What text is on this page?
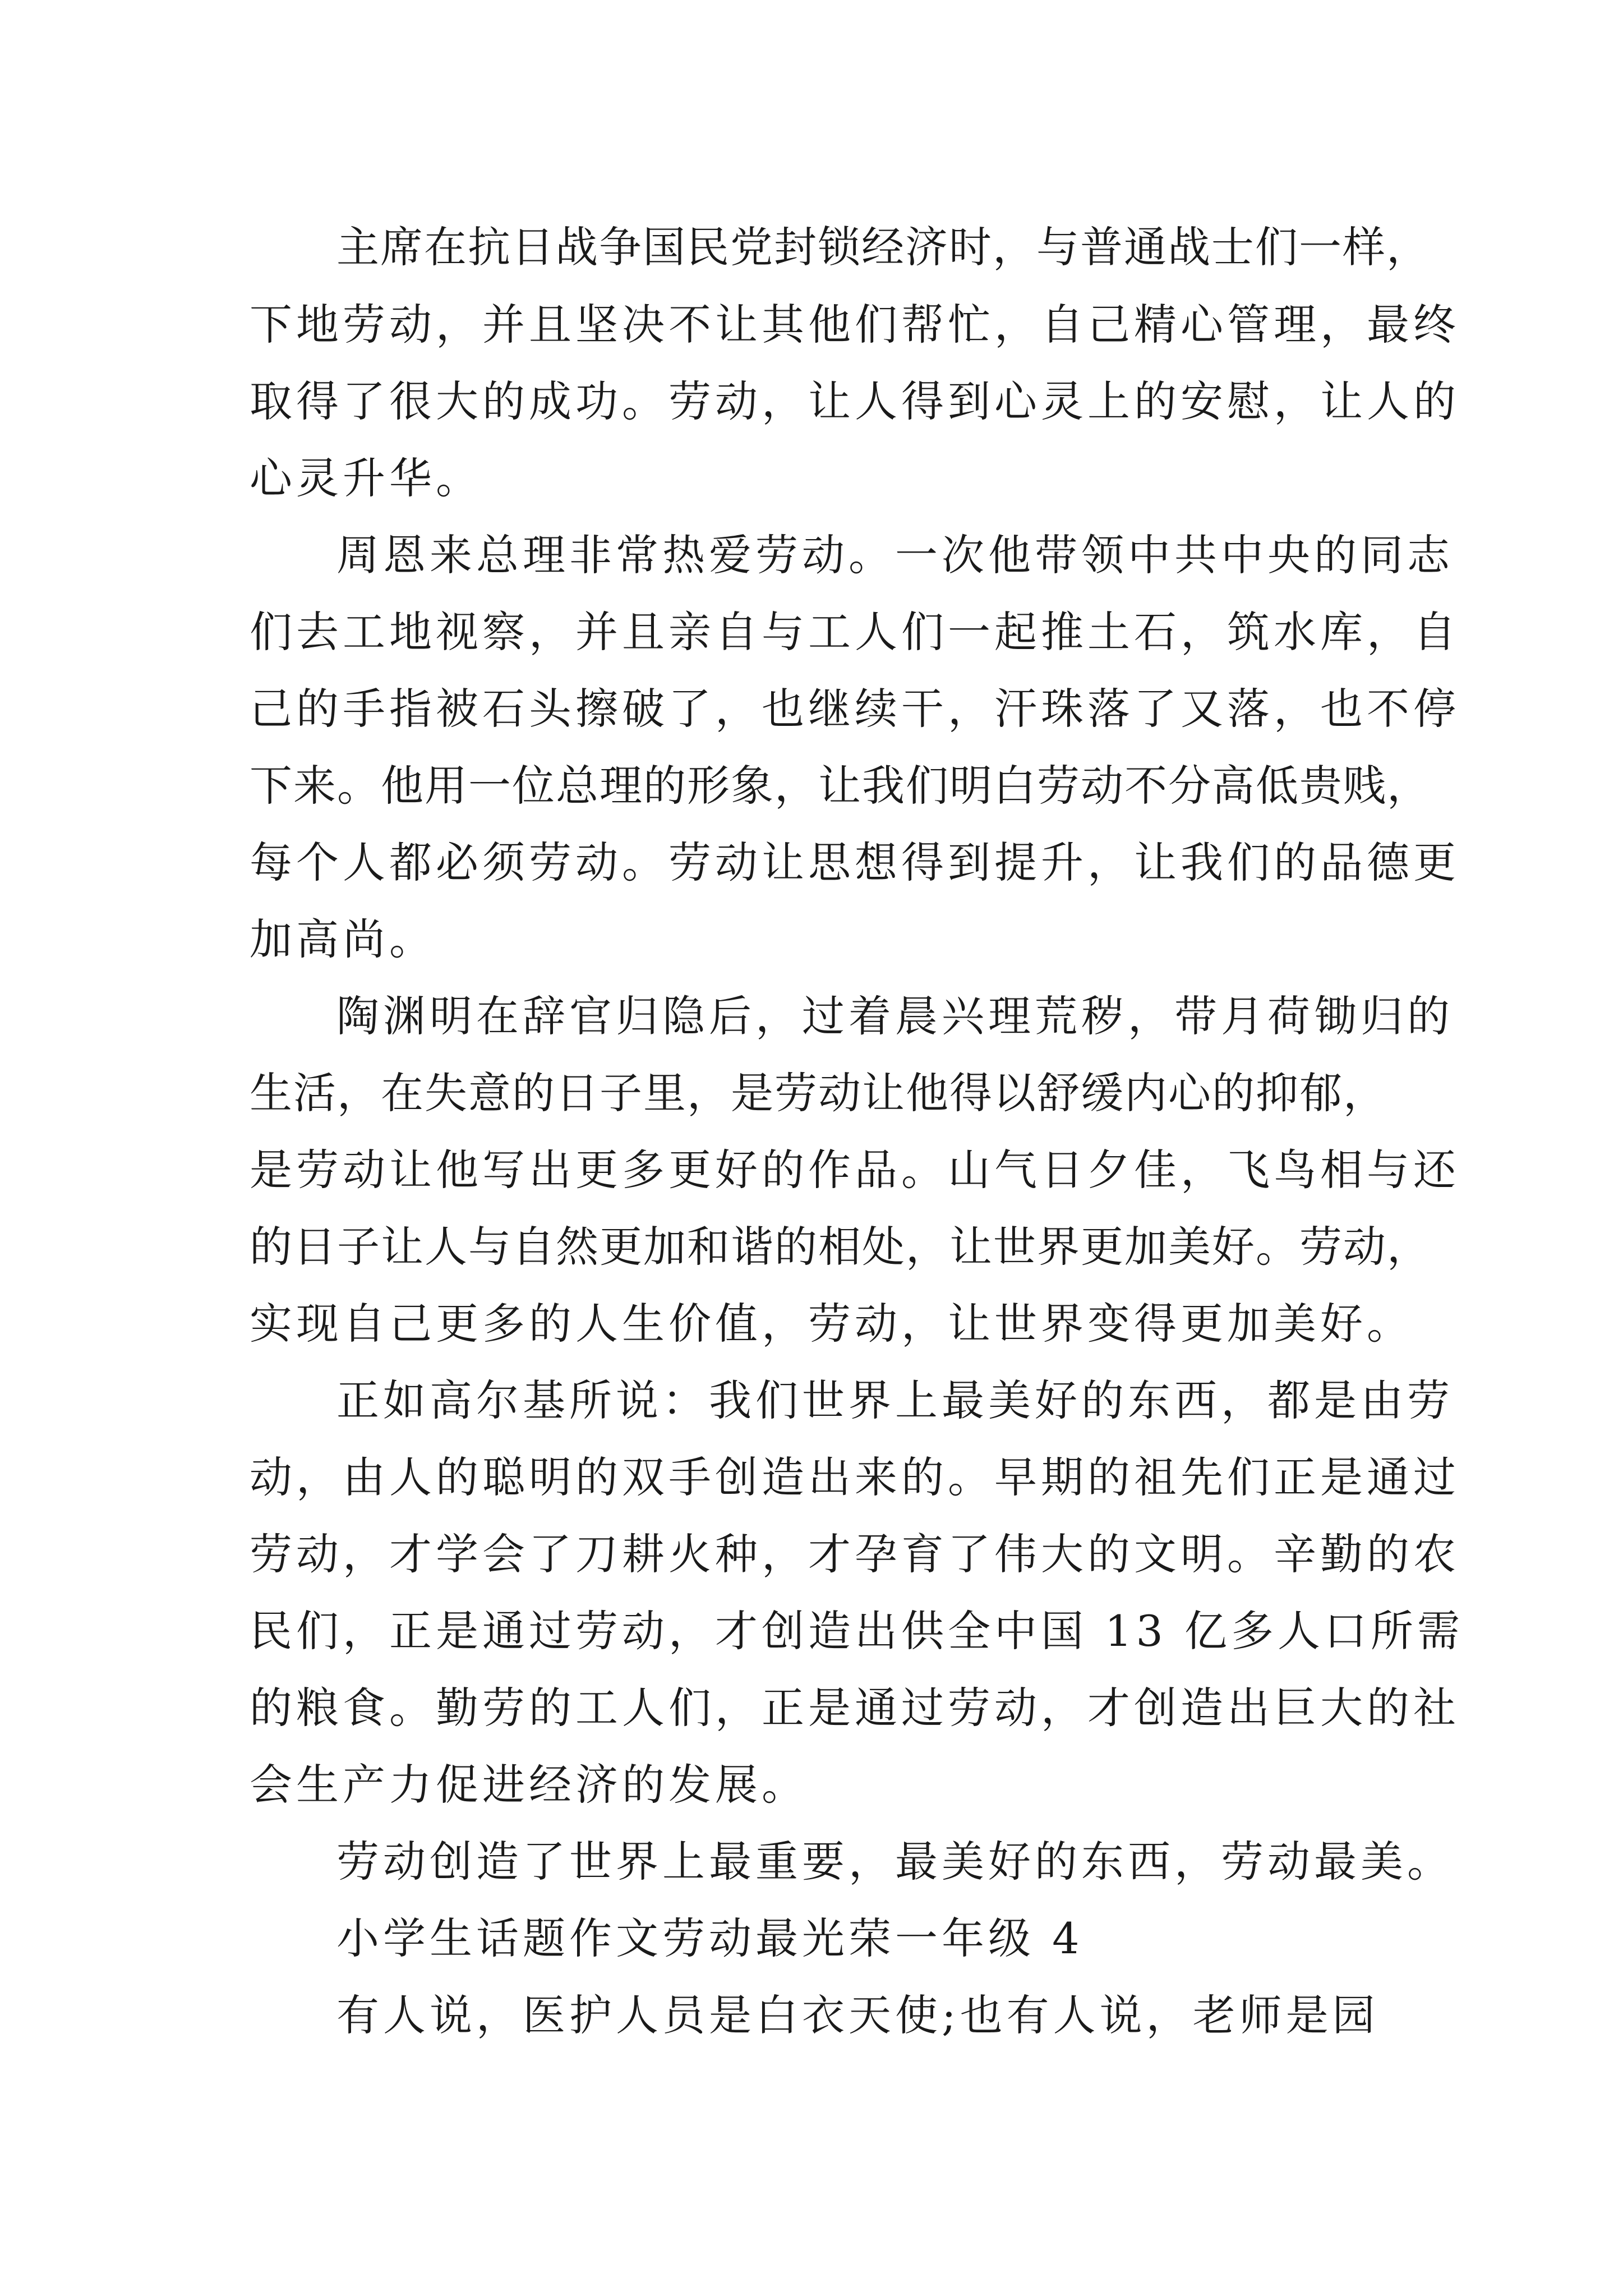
主席在抗日战争国民党封锁经济时，与普通战士们一样，
下地劳动，并且坚决不让其他们帮忙，自己精心管理，最终
取得了很大的成功。劳动，让人得到心灵上的安慰，让人的
心灵升华。
周恩来总理非常热爱劳动。一次他带领中共中央的同志
们去工地视察，并且亲自与工人们一起推土石，筑水库，自
己的手指被石头擦破了，也继续干，汗珠落了又落，也不停
下来。他用一位总理的形象，让我们明白劳动不分高低贵贱，
每个人都必须劳动。劳动让思想得到提升，让我们的品德更
加高尚。
陶渊明在辞官归隐后，过着晨兴理荒秽，带月荷锄归的
生活，在失意的日子里，是劳动让他得以舒缓内心的抑郁，
是劳动让他写出更多更好的作品。山气日夕佳，飞鸟相与还
的日子让人与自然更加和谐的相处，让世界更加美好。劳动，
实现自己更多的人生价值，劳动，让世界变得更加美好。
正如高尔基所说：我们世界上最美好的东西，都是由劳
动，由人的聪明的双手创造出来的。早期的祖先们正是通过
劳动，才学会了刀耕火种，才孕育了伟大的文明。辛勤的农
民们，正是通过劳动，才创造出供全中国 13 亿多人口所需
的粮食。勤劳的工人们，正是通过劳动，才创造出巨大的社
会生产力促进经济的发展。
劳动创造了世界上最重要，最美好的东西，劳动最美。
小学生话题作文劳动最光荣一年级 4
有人说，医护人员是白衣天使;也有人说，老师是园
